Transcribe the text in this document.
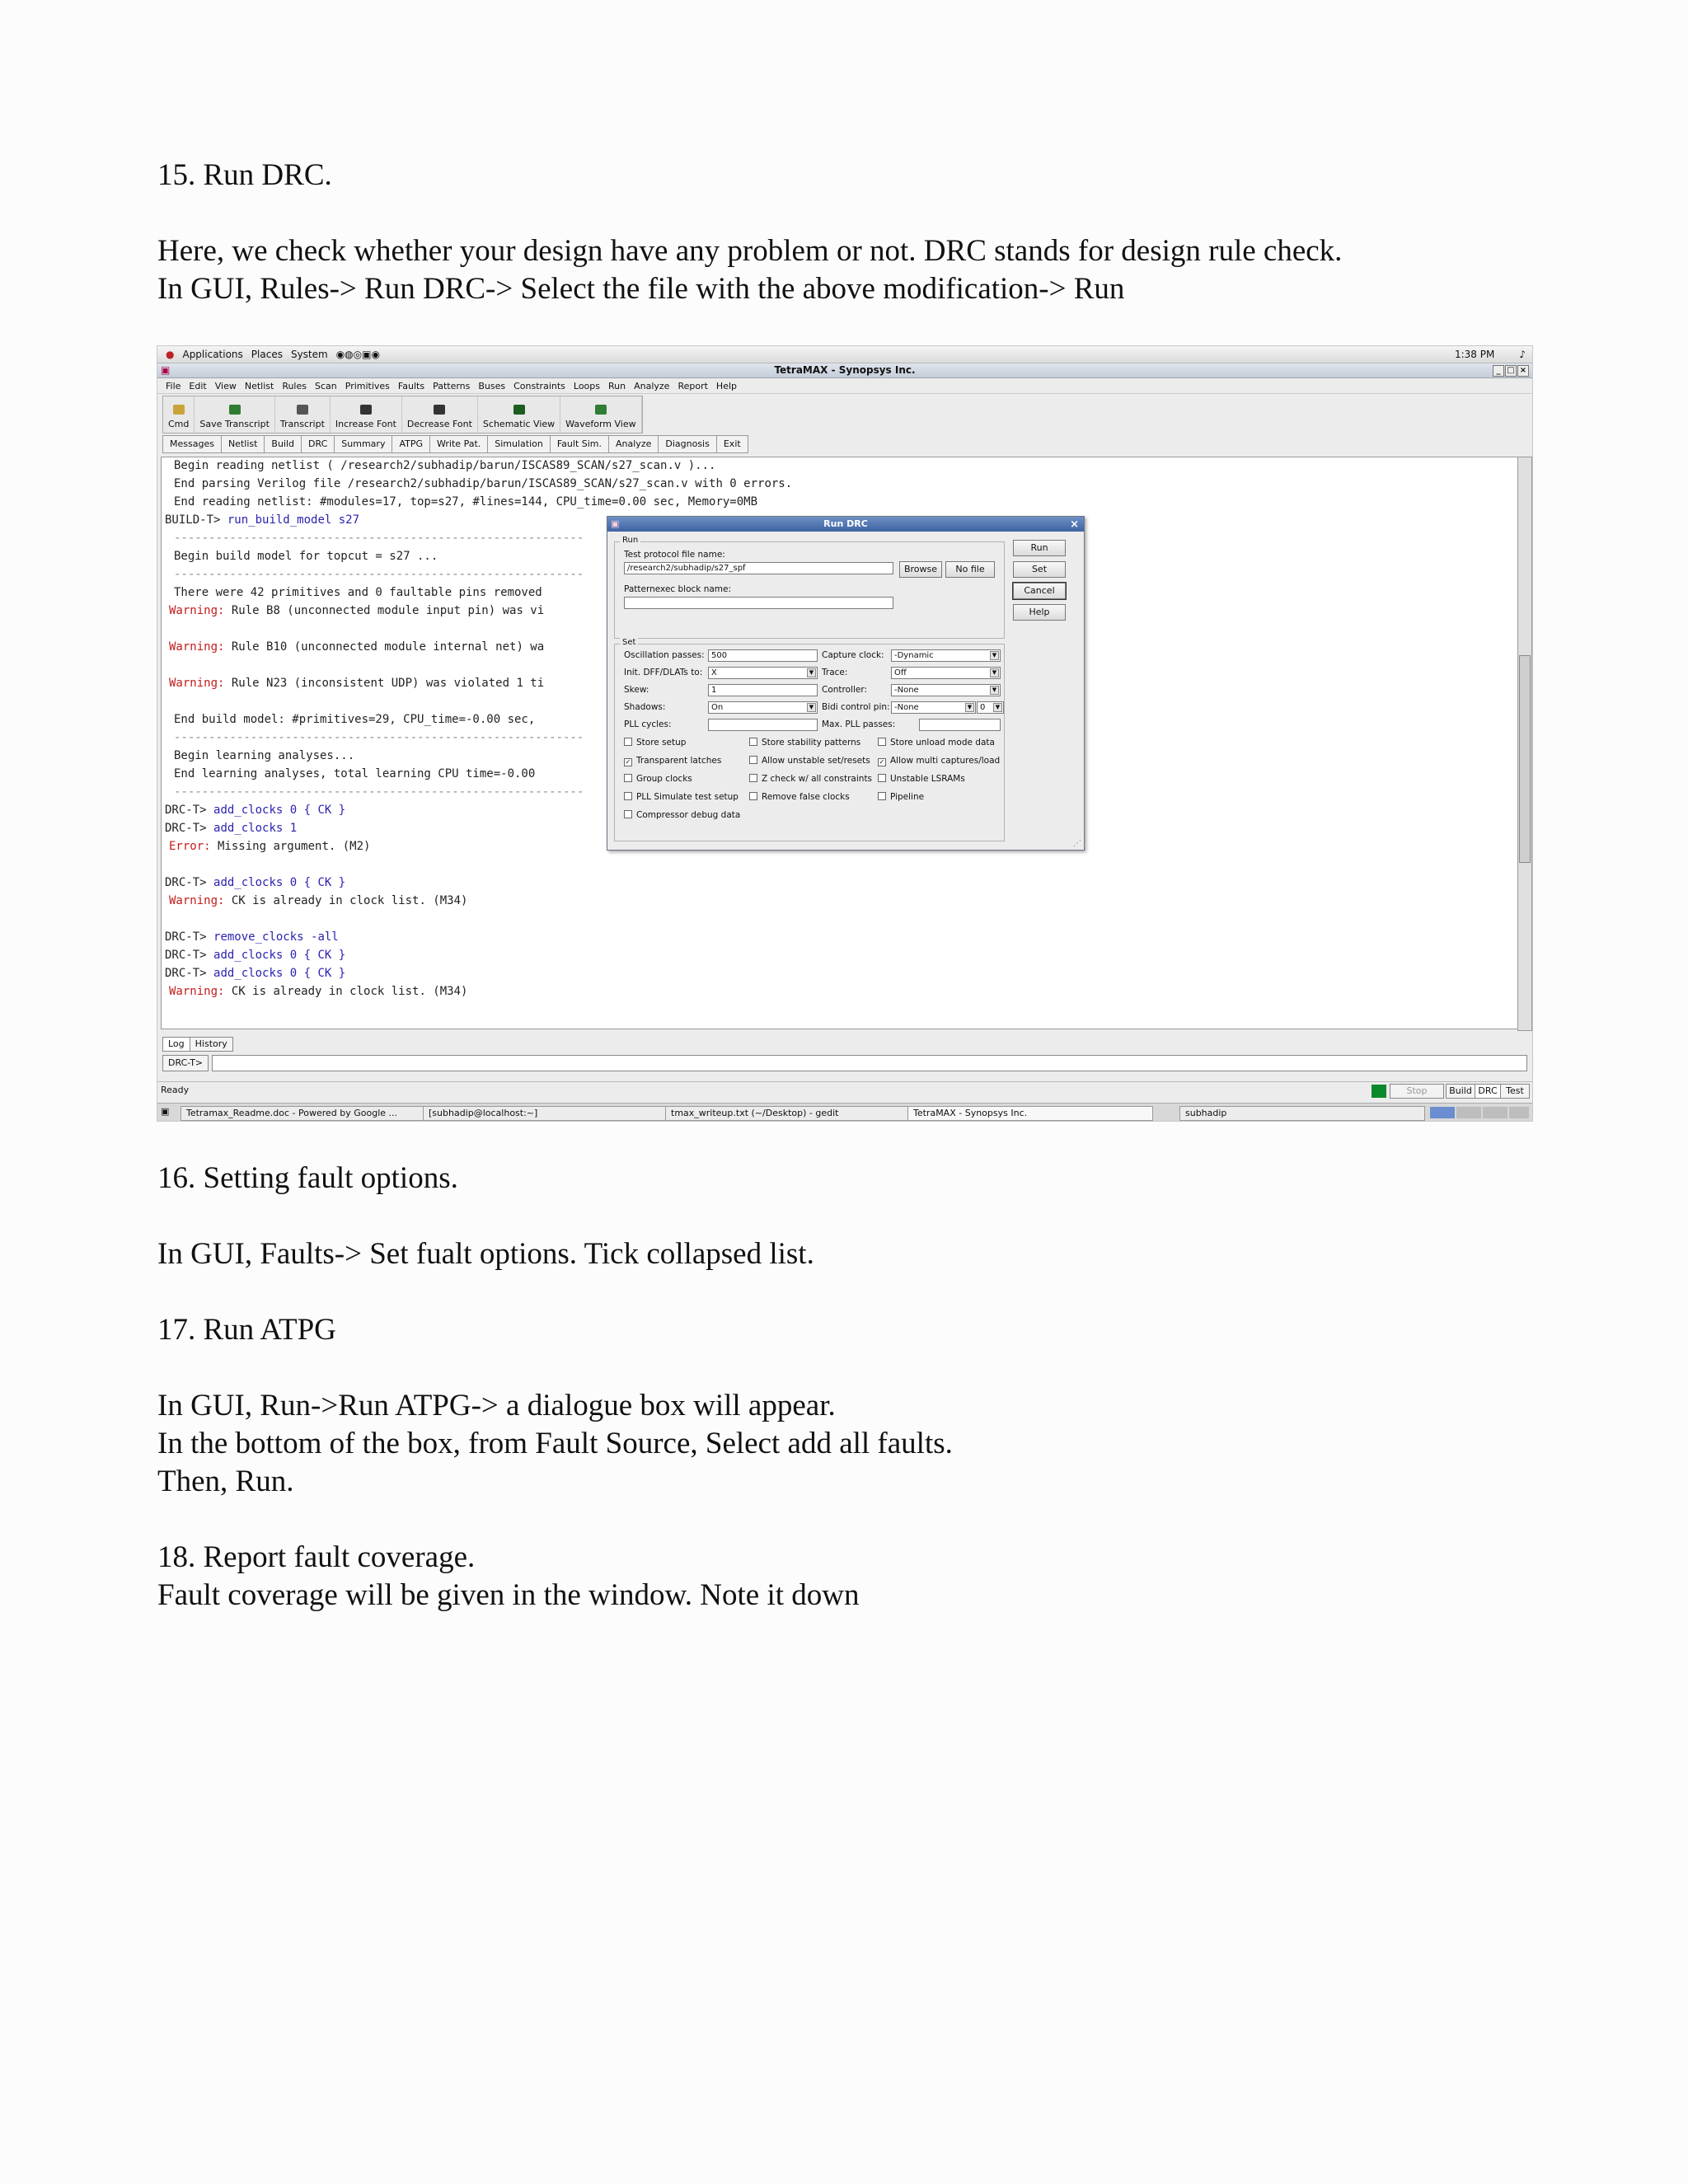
15. Run DRC.
Here, we check whether your design have any problem or not. DRC stands for design rule check.
In GUI, Rules-> Run DRC-> Select the file with the above modification-> Run
● Applications Places System ◉◍◎▣◉	1:38 PM	♪
▣	TetraMAX - Synopsys Inc.	_ □ ×
File Edit View Netlist Rules Scan Primitives Faults Patterns Buses Constraints Loops Run Analyze Report Help
Cmd Save Transcript Transcript Increase Font Decrease Font Schematic View Waveform View
Messages	Netlist	Build	DRC	Summary	ATPG	Write Pat.	Simulation	Fault Sim.	Analyze	Diagnosis	Exit
Begin reading netlist ( /research2/subhadip/barun/ISCAS89_SCAN/s27_scan.v )...
End parsing Verilog file /research2/subhadip/barun/ISCAS89_SCAN/s27_scan.v with 0 errors.
End reading netlist: #modules=17, top=s27, #lines=144, CPU_time=0.00 sec, Memory=0MB
BUILD-T> run_build_model s27
-----------------------------------------------------------
Begin build model for topcut = s27 ...
-----------------------------------------------------------
There were 42 primitives and 0 faultable pins removed
Warning: Rule B8 (unconnected module input pin) was vi
Warning: Rule B10 (unconnected module internal net) wa
Warning: Rule N23 (inconsistent UDP) was violated 1 ti
End build model: #primitives=29, CPU_time=-0.00 sec,
-----------------------------------------------------------
Begin learning analyses...
End learning analyses, total learning CPU time=-0.00
-----------------------------------------------------------
DRC-T> add_clocks 0 { CK }
DRC-T> add_clocks 1
Error: Missing argument. (M2)
DRC-T> add_clocks 0 { CK }
Warning: CK is already in clock list. (M34)
DRC-T> remove_clocks -all
DRC-T> add_clocks 0 { CK }
DRC-T> add_clocks 0 { CK }
Warning: CK is already in clock list. (M34)
Log	History
DRC-T>
Ready	Stop	Build DRC Test
▣	Tetramax_Readme.doc - Powered by Google ...	[subhadip@localhost:~]	tmax_writeup.txt (~/Desktop) - gedit	TetraMAX - Synopsys Inc.	subhadip
▣	Run DRC	×
Run
Test protocol file name:
/research2/subhadip/s27_spf	Browse	No file
Patternexec block name:
Set
Oscillation passes: 500	Capture clock:	-Dynamic	▼
Init. DFF/DLATs to:	X	▼ Trace:	Off	▼
Skew:	1	Controller:	-None	▼
Shadows:	On	▼ Bidi control pin: -None	▼ 0	▼
PLL cycles:	Max. PLL passes:
Store setup	Store stability patterns	Store unload mode data
✓ Transparent latches	Allow unstable set/resets ✓ Allow multi captures/load
Group clocks	Z check w/ all constraints	Unstable LSRAMs
PLL Simulate test setup	Remove false clocks	Pipeline
Compressor debug data
Run
Set
Cancel
Help
⋰
16. Setting fault options.
In GUI, Faults-> Set fualt options. Tick collapsed list.
17. Run ATPG
In GUI, Run->Run ATPG-> a dialogue box will appear.
In the bottom of the box, from Fault Source, Select add all faults.
Then, Run.
18. Report fault coverage.
Fault coverage will be given in the window. Note it down
